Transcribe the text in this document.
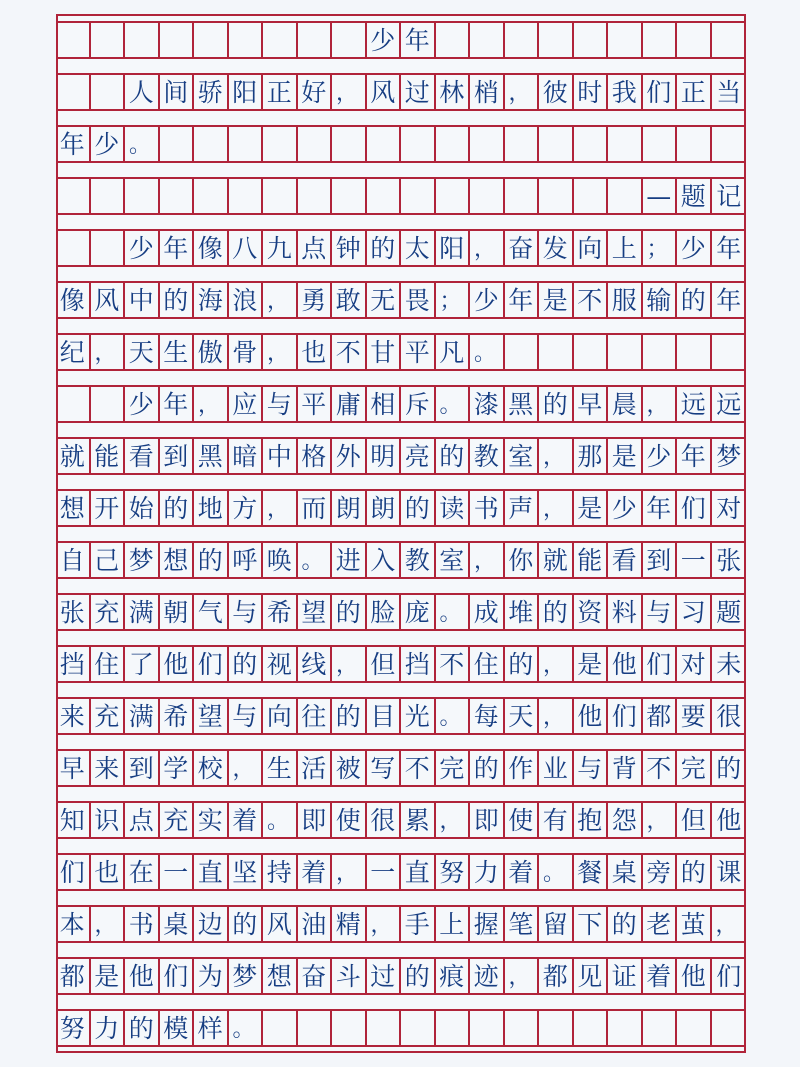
少 年
人 间 骄 阳 正 好 ， 风 过 林 梢 ， 彼 时 我 们 正 当
年 少 。
— 题 记
少 年 像 八 九 点 钟 的 太 阳 ， 奋 发 向 上 ； 少 年
像 风 中 的 海 浪 ， 勇 敢 无 畏 ； 少 年 是 不 服 输 的 年
纪 ， 天 生 傲 骨 ， 也 不 甘 平 凡 。
少 年 ， 应 与 平 庸 相 斥 。 漆 黑 的 早 晨 ， 远 远
就 能 看 到 黑 暗 中 格 外 明 亮 的 教 室 ， 那 是 少 年 梦
想 开 始 的 地 方 ， 而 朗 朗 的 读 书 声 ， 是 少 年 们 对
自 己 梦 想 的 呼 唤 。 进 入 教 室 ， 你 就 能 看 到 一 张
张 充 满 朝 气 与 希 望 的 脸 庞 。 成 堆 的 资 料 与 习 题
挡 住 了 他 们 的 视 线 ， 但 挡 不 住 的 ， 是 他 们 对 未
来 充 满 希 望 与 向 往 的 目 光 。 每 天 ， 他 们 都 要 很
早 来 到 学 校 ， 生 活 被 写 不 完 的 作 业 与 背 不 完 的
知 识 点 充 实 着 。 即 使 很 累 ， 即 使 有 抱 怨 ， 但 他
们 也 在 一 直 坚 持 着 ， 一 直 努 力 着 。 餐 桌 旁 的 课
本 ， 书 桌 边 的 风 油 精 ， 手 上 握 笔 留 下 的 老 茧 ，
都 是 他 们 为 梦 想 奋 斗 过 的 痕 迹 ， 都 见 证 着 他 们
努 力 的 模 样 。
